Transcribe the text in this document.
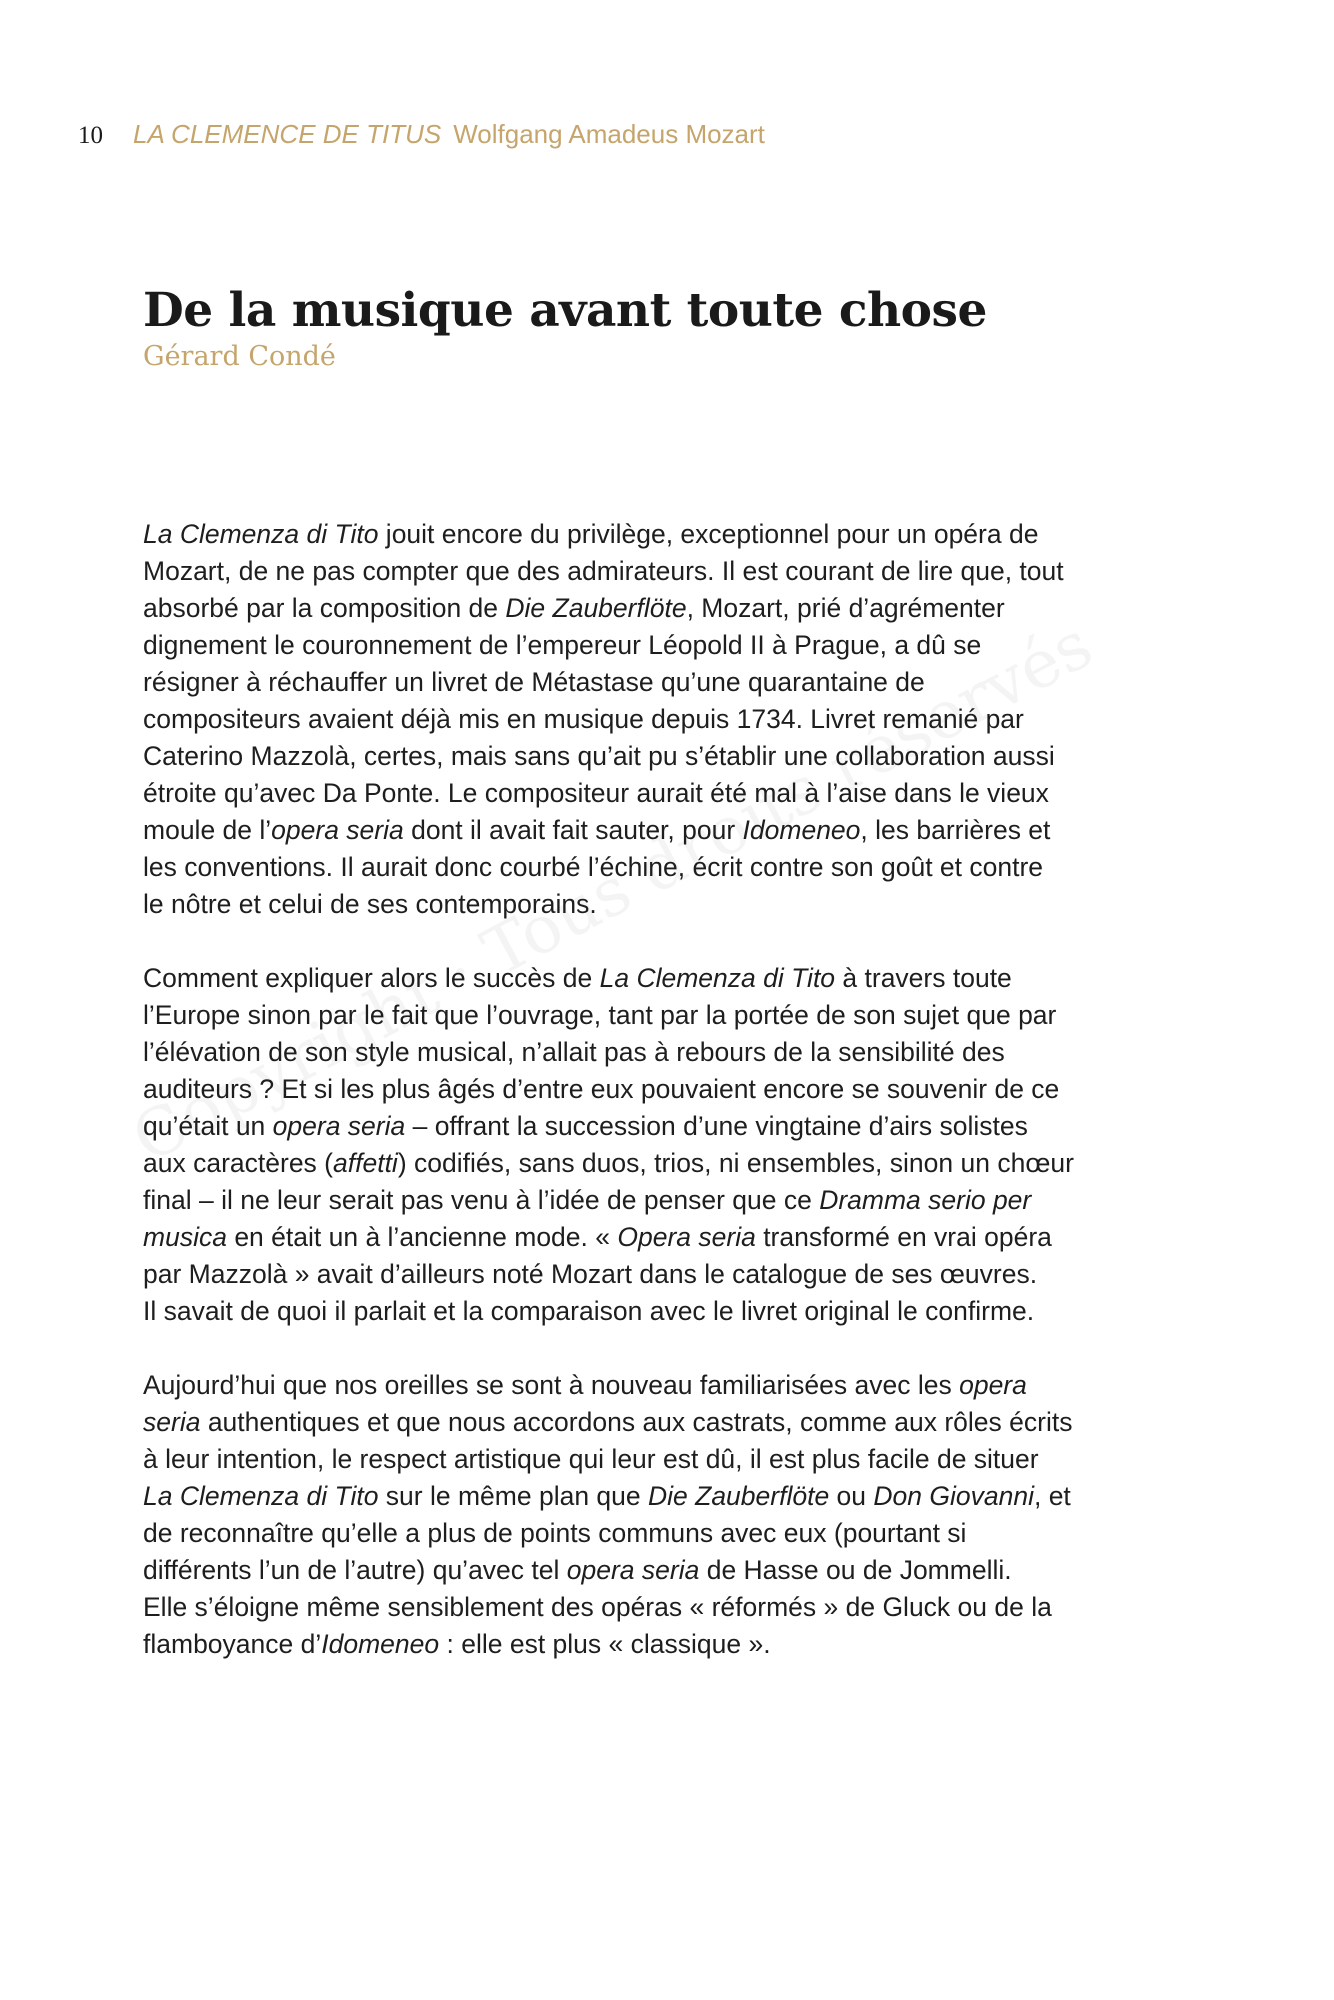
10 LA CLEMENCE DE TITUS Wolfgang Amadeus Mozart
De la musique avant toute chose

Gérard Condé

La Clemenza di Tito jouit encore du privilège, exceptionnel pour un opéra de
Mozart, de ne pas compter que des admirateurs. Il est courant de lire que, tout
absorbé par la composition de Die Zauberflöte, Mozart, prié d’agrémenter
dignement le couronnement de l’empereur Léopold II à Prague, a dû se
résigner à réchauffer un livret de Métastase qu’une quarantaine de
compositeurs avaient déjà mis en musique depuis 1734. Livret remanié par
Caterino Mazzolà, certes, mais sans qu’ait pu s’établir une collaboration aussi
étroite qu’avec Da Ponte. Le compositeur aurait été mal à l’aise dans le vieux
moule de l’opera seria dont il avait fait sauter, pour Idomeneo, les barrières et
les conventions. Il aurait donc courbé l’échine, écrit contre son goût et contre
le nôtre et celui de ses contemporains.

Comment expliquer alors le succès de La Clemenza di Tito à travers toute
l’Europe sinon par le fait que l’ouvrage, tant par la portée de son sujet que par
l’élévation de son style musical, n’allait pas à rebours de la sensibilité des
auditeurs ? Et si les plus âgés d’entre eux pouvaient encore se souvenir de ce
qu’était un opera seria – offrant la succession d’une vingtaine d’airs solistes
aux caractères (affetti) codifiés, sans duos, trios, ni ensembles, sinon un chœur
final – il ne leur serait pas venu à l’idée de penser que ce Dramma serio per
musica en était un à l’ancienne mode. « Opera seria transformé en vrai opéra
par Mazzolà » avait d’ailleurs noté Mozart dans le catalogue de ses œuvres.
Il savait de quoi il parlait et la comparaison avec le livret original le confirme.

Aujourd’hui que nos oreilles se sont à nouveau familiarisées avec les opera
seria authentiques et que nous accordons aux castrats, comme aux rôles écrits
à leur intention, le respect artistique qui leur est dû, il est plus facile de situer
La Clemenza di Tito sur le même plan que Die Zauberflöte ou Don Giovanni, et
de reconnaître qu’elle a plus de points communs avec eux (pourtant si
différents l’un de l’autre) qu’avec tel opera seria de Hasse ou de Jommelli.
Elle s’éloigne même sensiblement des opéras « réformés » de Gluck ou de la
flamboyance d’Idomeneo : elle est plus « classique ».
